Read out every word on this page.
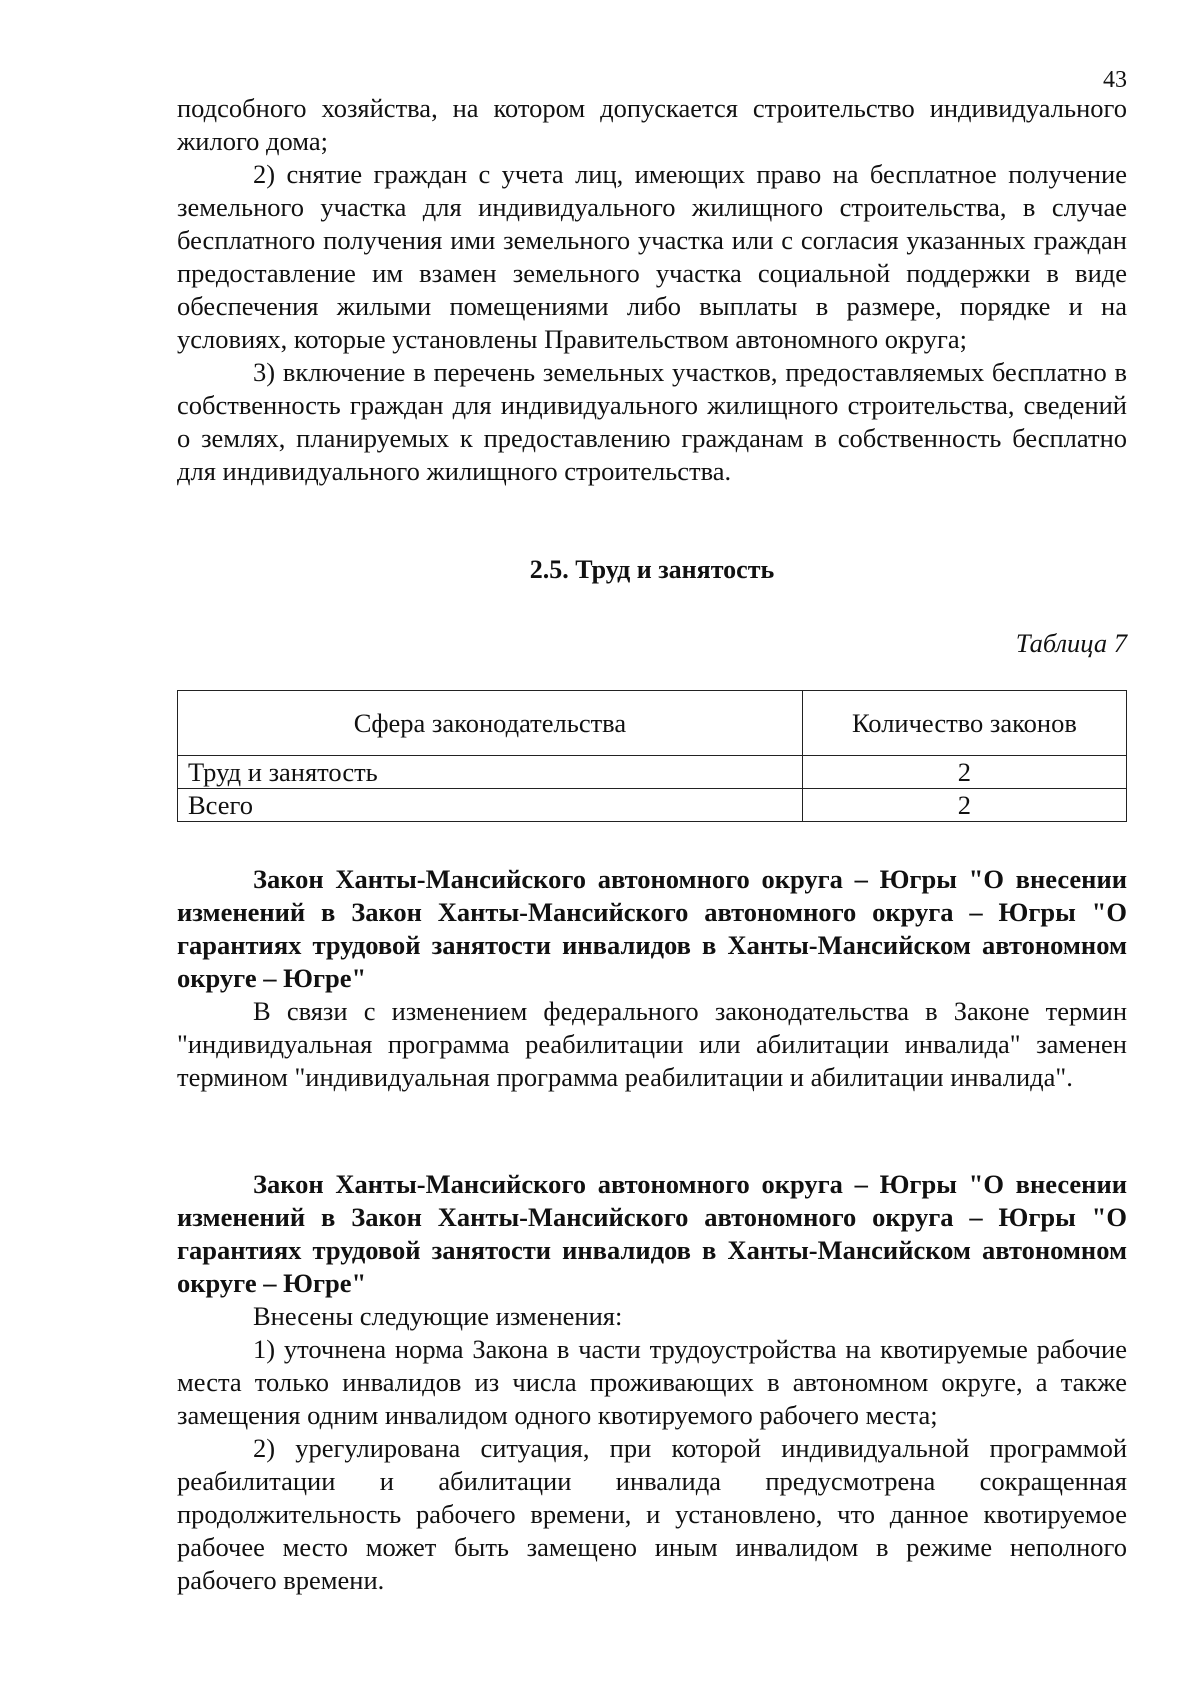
43

подсобного хозяйства, на котором допускается строительство индивидуального жилого дома;

2) снятие граждан с учета лиц, имеющих право на бесплатное получение земельного участка для индивидуального жилищного строительства, в случае бесплатного получения ими земельного участка или с согласия указанных граждан предоставление им взамен земельного участка социальной поддержки в виде обеспечения жилыми помещениями либо выплаты в размере, порядке и на условиях, которые установлены Правительством автономного округа;

3) включение в перечень земельных участков, предоставляемых бесплатно в собственность граждан для индивидуального жилищного строительства, сведений о землях, планируемых к предоставлению гражданам в собственность бесплатно для индивидуального жилищного строительства.

2.5. Труд и занятость
Таблица 7
Сфера законодательства	Количество законов
Труд и занятость	2
Всего	2

Закон Ханты-Мансийского автономного округа – Югры "О внесении изменений в Закон Ханты-Мансийского автономного округа – Югры "О гарантиях трудовой занятости инвалидов в Ханты-Мансийском автономном округе – Югре"

В связи с изменением федерального законодательства в Законе термин "индивидуальная программа реабилитации или абилитации инвалида" заменен термином "индивидуальная программа реабилитации и абилитации инвалида".

Закон Ханты-Мансийского автономного округа – Югры "О внесении изменений в Закон Ханты-Мансийского автономного округа – Югры "О гарантиях трудовой занятости инвалидов в Ханты-Мансийском автономном округе – Югре"

Внесены следующие изменения:

1) уточнена норма Закона в части трудоустройства на квотируемые рабочие места только инвалидов из числа проживающих в автономном округе, а также замещения одним инвалидом одного квотируемого рабочего места;

2) урегулирована ситуация, при которой индивидуальной программой реабилитации и абилитации инвалида предусмотрена сокращенная продолжительность рабочего времени, и установлено, что данное квотируемое рабочее место может быть замещено иным инвалидом в режиме неполного рабочего времени.
